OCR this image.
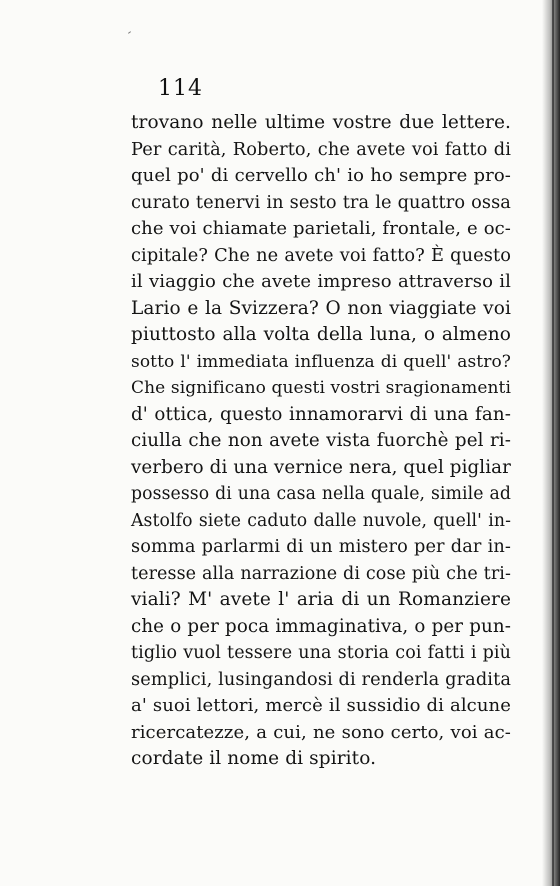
114
trovano nelle ultime vostre due lettere.
Per carità, Roberto, che avete voi fatto di
quel po' di cervello ch' io ho sempre pro-
curato tenervi in sesto tra le quattro ossa
che voi chiamate parietali, frontale, e oc-
cipitale? Che ne avete voi fatto? È questo
il viaggio che avete impreso attraverso il
Lario e la Svizzera? O non viaggiate voi
piuttosto alla volta della luna, o almeno
sotto l' immediata influenza di quell' astro?
Che significano questi vostri sragionamenti
d' ottica, questo innamorarvi di una fan-
ciulla che non avete vista fuorchè pel ri-
verbero di una vernice nera, quel pigliar
possesso di una casa nella quale, simile ad
Astolfo siete caduto dalle nuvole, quell' in-
somma parlarmi di un mistero per dar in-
teresse alla narrazione di cose più che tri-
viali? M' avete l' aria di un Romanziere
che o per poca immaginativa, o per pun-
tiglio vuol tessere una storia coi fatti i più
semplici, lusingandosi di renderla gradita
a' suoi lettori, mercè il sussidio di alcune
ricercatezze, a cui, ne sono certo, voi ac-
cordate il nome di spirito.
